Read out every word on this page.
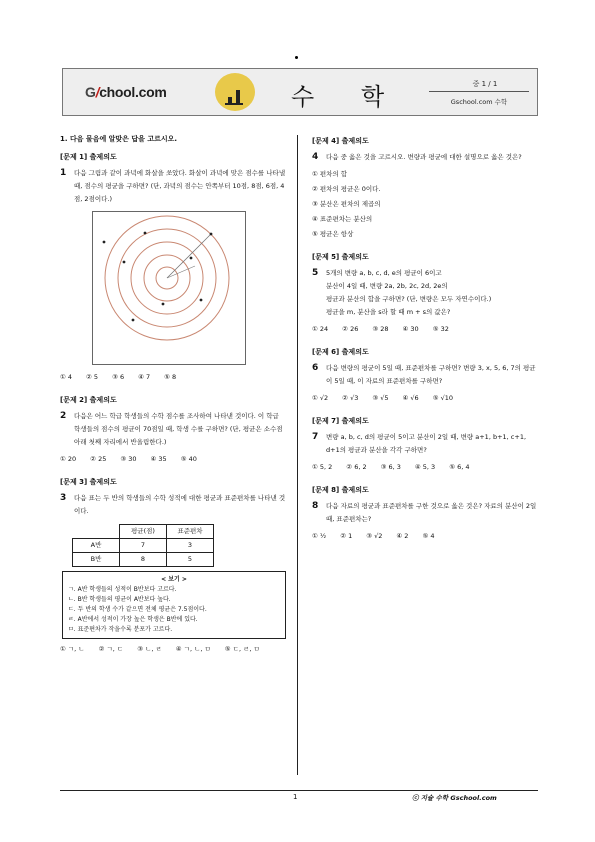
G/chool.com	수 학	중 1 / 1
Gschool.com 수학
1. 다음 물음에 알맞은 답을 고르시오.
[문제 1] 출제의도
1 다음 그림과 같이 과녁에 화살을 쏘았다. 화살이 과녁에 맞은 점수를 나타낼 때, 점수의 평균을 구하면? (단, 과녁의 점수는 안쪽부터 10점, 8점, 6점, 4점, 2점이다.)
① 4 ② 5 ③ 6 ④ 7 ⑤ 8
[문제 2] 출제의도
2 다음은 어느 학급 학생들의 수학 점수를 조사하여 나타낸 것이다. 이 학급 학생들의 점수의 평균이 70점일 때, 학생 수를 구하면? (단, 평균은 소수점 아래 첫째 자리에서 반올림한다.)
① 20 ② 25 ③ 30 ④ 35 ⑤ 40
[문제 3] 출제의도
3 다음 표는 두 반의 학생들의 수학 성적에 대한 평균과 표준편차를 나타낸 것이다.
	평균(점)	표준편차
A반	7	3
B반	8	5
< 보기 >
ㄱ. A반 학생들의 성적이 B반보다 고르다.
ㄴ. B반 학생들의 평균이 A반보다 높다.
ㄷ. 두 반의 학생 수가 같으면 전체 평균은 7.5점이다.
ㄹ. A반에서 성적이 가장 높은 학생은 B반에 있다.
ㅁ. 표준편차가 작을수록 분포가 고르다.
① ㄱ, ㄴ ② ㄱ, ㄷ ③ ㄴ, ㄹ ④ ㄱ, ㄴ, ㅁ ⑤ ㄷ, ㄹ, ㅁ
[문제 4] 출제의도
4 다음 중 옳은 것을 고르시오. 변량과 평균에 대한 설명으로 옳은 것은?
① 편차의 합
② 편차의 평균은 0이다.
③ 분산은 편차의 제곱의
④ 표준편차는 분산의
⑤ 평균은 항상
[문제 5] 출제의도
5 5개의 변량 a, b, c, d, e의 평균이 6이고
분산이 4일 때, 변량 2a, 2b, 2c, 2d, 2e의
평균과 분산의 합을 구하면? (단, 변량은 모두 자연수이다.)
평균을 m, 분산을 s라 할 때 m + s의 값은?
① 24 ② 26 ③ 28 ④ 30 ⑤ 32
[문제 6] 출제의도
6 다음 변량의 평균이 5일 때, 표준편차를 구하면? 변량 3, x, 5, 6, 7의 평균이 5일 때, 이 자료의 표준편차를 구하면?
① √2 ② √3 ③ √5 ④ √6 ⑤ √10
[문제 7] 출제의도
7 변량 a, b, c, d의 평균이 5이고 분산이 2일 때, 변량 a+1, b+1, c+1, d+1의 평균과 분산을 각각 구하면?
① 5, 2 ② 6, 2 ③ 6, 3 ④ 5, 3 ⑤ 6, 4
[문제 8] 출제의도
8 다음 자료의 평균과 표준편차를 구한 것으로 옳은 것은? 자료의 분산이 2일 때, 표준편차는?
① ½ ② 1 ③ √2 ④ 2 ⑤ 4
1	ⓒ 지슐 수학 Gschool.com
